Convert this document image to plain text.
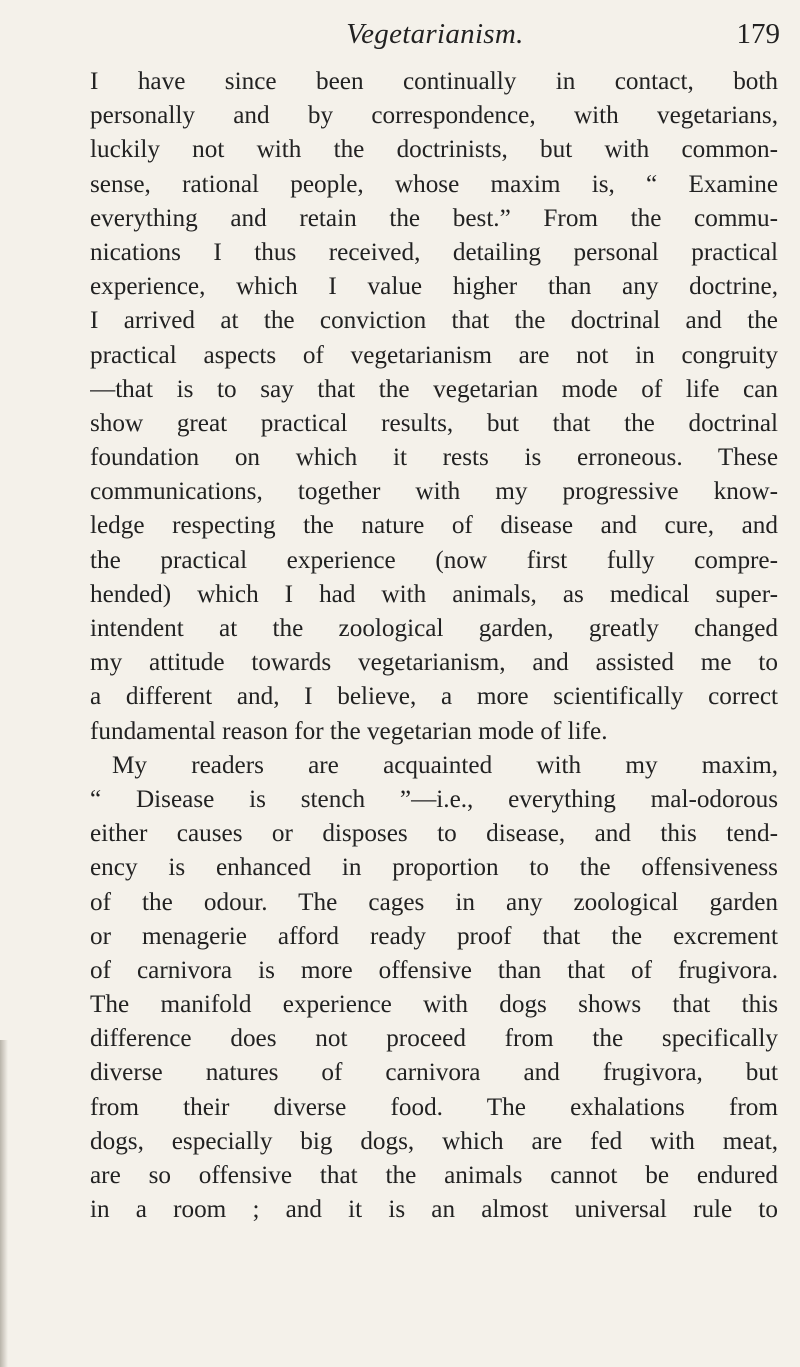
Vegetarianism.	179
I have since been continually in contact, both
personally and by correspondence, with vegetarians,
luckily not with the doctrinists, but with common-
sense, rational people, whose maxim is, “ Examine
everything and retain the best.” From the commu-
nications I thus received, detailing personal practical
experience, which I value higher than any doctrine,
I arrived at the conviction that the doctrinal and the
practical aspects of vegetarianism are not in congruity
—that is to say that the vegetarian mode of life can
show great practical results, but that the doctrinal
foundation on which it rests is erroneous. These
communications, together with my progressive know-
ledge respecting the nature of disease and cure, and
the practical experience (now first fully compre-
hended) which I had with animals, as medical super-
intendent at the zoological garden, greatly changed
my attitude towards vegetarianism, and assisted me to
a different and, I believe, a more scientifically correct
fundamental reason for the vegetarian mode of life.
My readers are acquainted with my maxim,
“ Disease is stench ”—i.e., everything mal-odorous
either causes or disposes to disease, and this tend-
ency is enhanced in proportion to the offensiveness
of the odour. The cages in any zoological garden
or menagerie afford ready proof that the excrement
of carnivora is more offensive than that of frugivora.
The manifold experience with dogs shows that this
difference does not proceed from the specifically
diverse natures of carnivora and frugivora, but
from their diverse food. The exhalations from
dogs, especially big dogs, which are fed with meat,
are so offensive that the animals cannot be endured
in a room ; and it is an almost universal rule to
